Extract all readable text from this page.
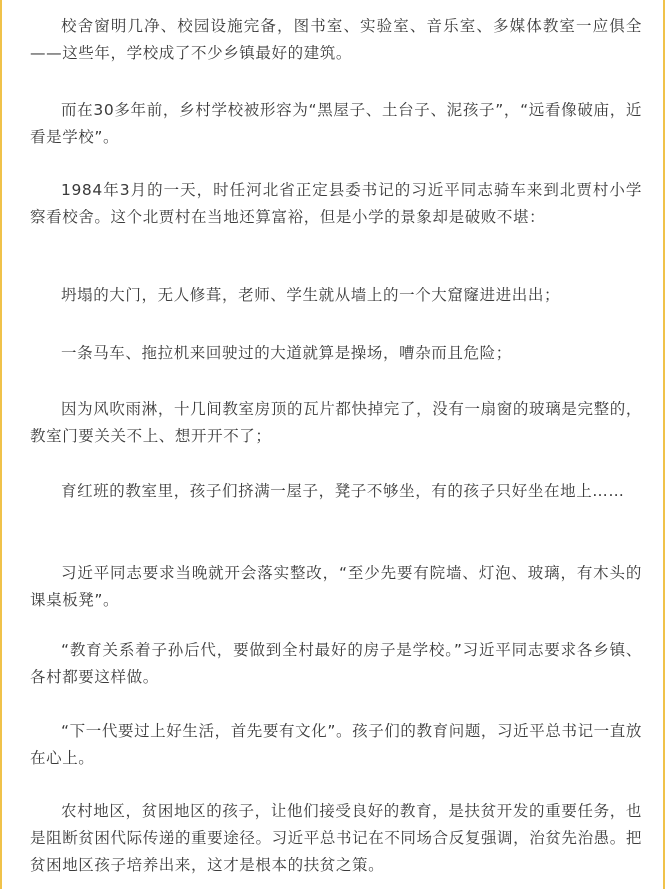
校舍窗明几净、校园设施完备，图书室、实验室、音乐室、多媒体教室一应俱全——这些年，学校成了不少乡镇最好的建筑。

而在30多年前，乡村学校被形容为“黑屋子、土台子、泥孩子”，“远看像破庙，近看是学校”。

1984年3月的一天，时任河北省正定县委书记的习近平同志骑车来到北贾村小学察看校舍。这个北贾村在当地还算富裕，但是小学的景象却是破败不堪：

坍塌的大门，无人修葺，老师、学生就从墙上的一个大窟窿进进出出；

一条马车、拖拉机来回驶过的大道就算是操场，嘈杂而且危险；

因为风吹雨淋，十几间教室房顶的瓦片都快掉完了，没有一扇窗的玻璃是完整的，教室门要关关不上、想开开不了；

育红班的教室里，孩子们挤满一屋子，凳子不够坐，有的孩子只好坐在地上……

习近平同志要求当晚就开会落实整改，“至少先要有院墙、灯泡、玻璃，有木头的课桌板凳”。

“教育关系着子孙后代，要做到全村最好的房子是学校。”习近平同志要求各乡镇、各村都要这样做。

“下一代要过上好生活，首先要有文化”。孩子们的教育问题，习近平总书记一直放在心上。

农村地区，贫困地区的孩子，让他们接受良好的教育，是扶贫开发的重要任务，也是阻断贫困代际传递的重要途径。习近平总书记在不同场合反复强调，治贫先治愚。把贫困地区孩子培养出来，这才是根本的扶贫之策。
